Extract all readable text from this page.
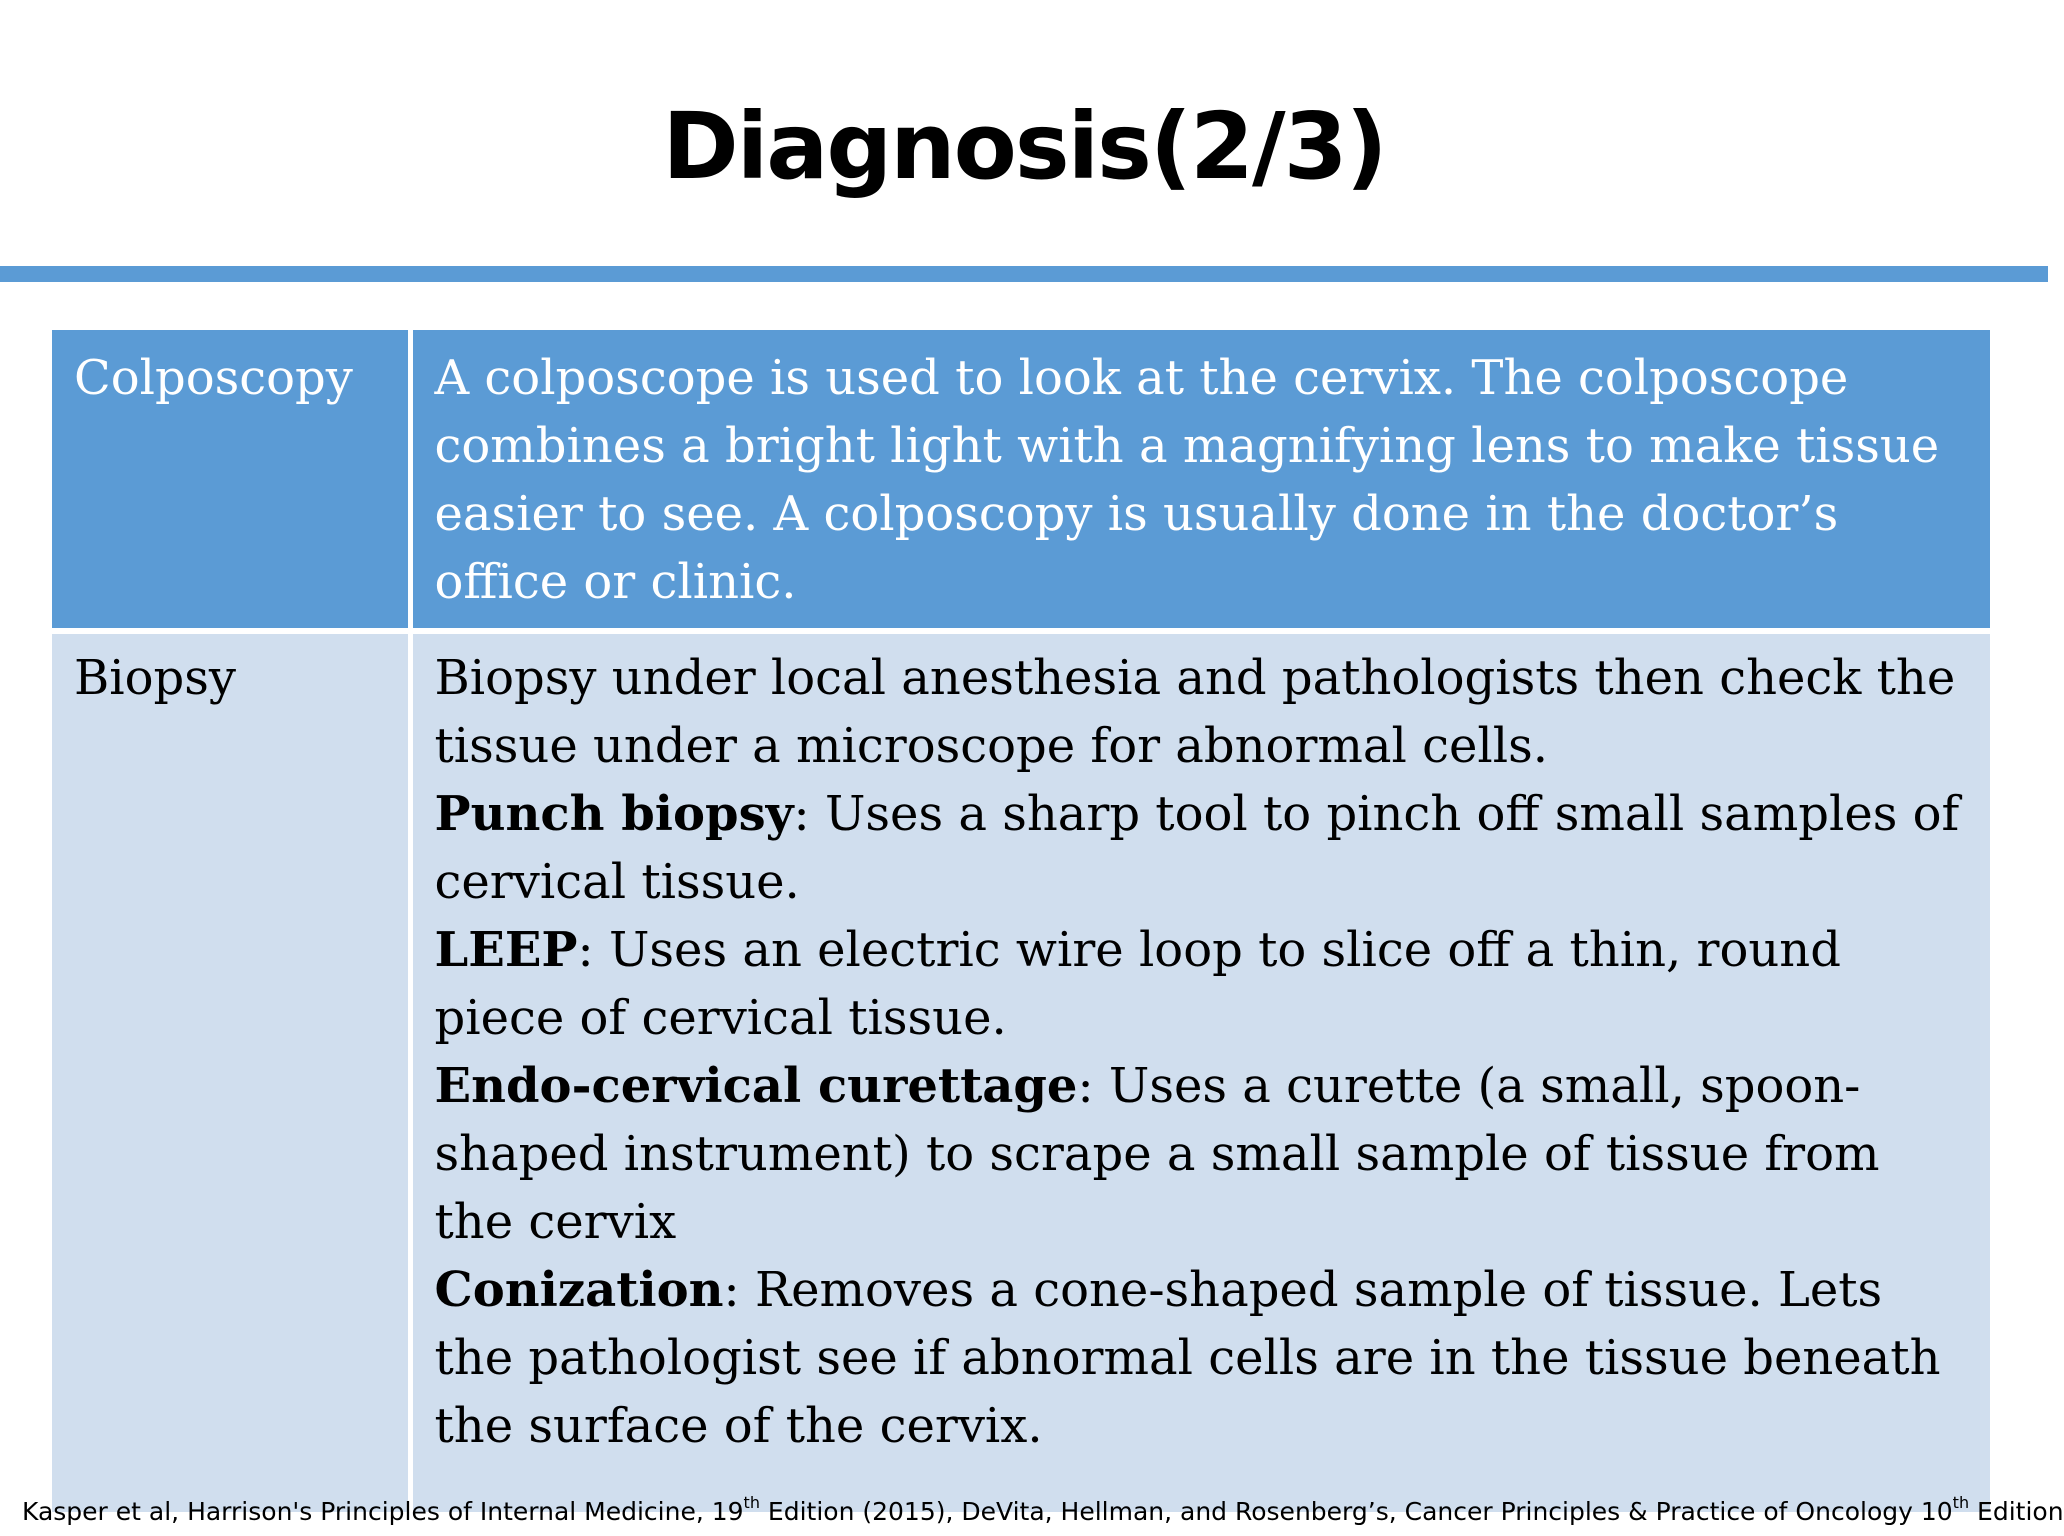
Diagnosis(2/3)
Colposcopy	A colposcope is used to look at the cervix. The colposcope combines a bright light with a magnifying lens to make tissue easier to see. A colposcopy is usually done in the doctor’s office or clinic.
Biopsy	Biopsy under local anesthesia and pathologists then check the tissue under a microscope for abnormal cells.
Punch biopsy: Uses a sharp tool to pinch off small samples of cervical tissue.
LEEP: Uses an electric wire loop to slice off a thin, round piece of cervical tissue.
Endo-cervical curettage: Uses a curette (a small, spoon-shaped instrument) to scrape a small sample of tissue from the cervix
Conization: Removes a cone-shaped sample of tissue. Lets the pathologist see if abnormal cells are in the tissue beneath the surface of the cervix.
Kasper et al, Harrison's Principles of Internal Medicine, 19th Edition (2015), DeVita, Hellman, and Rosenberg’s, Cancer Principles & Practice of Oncology 10th Edition
